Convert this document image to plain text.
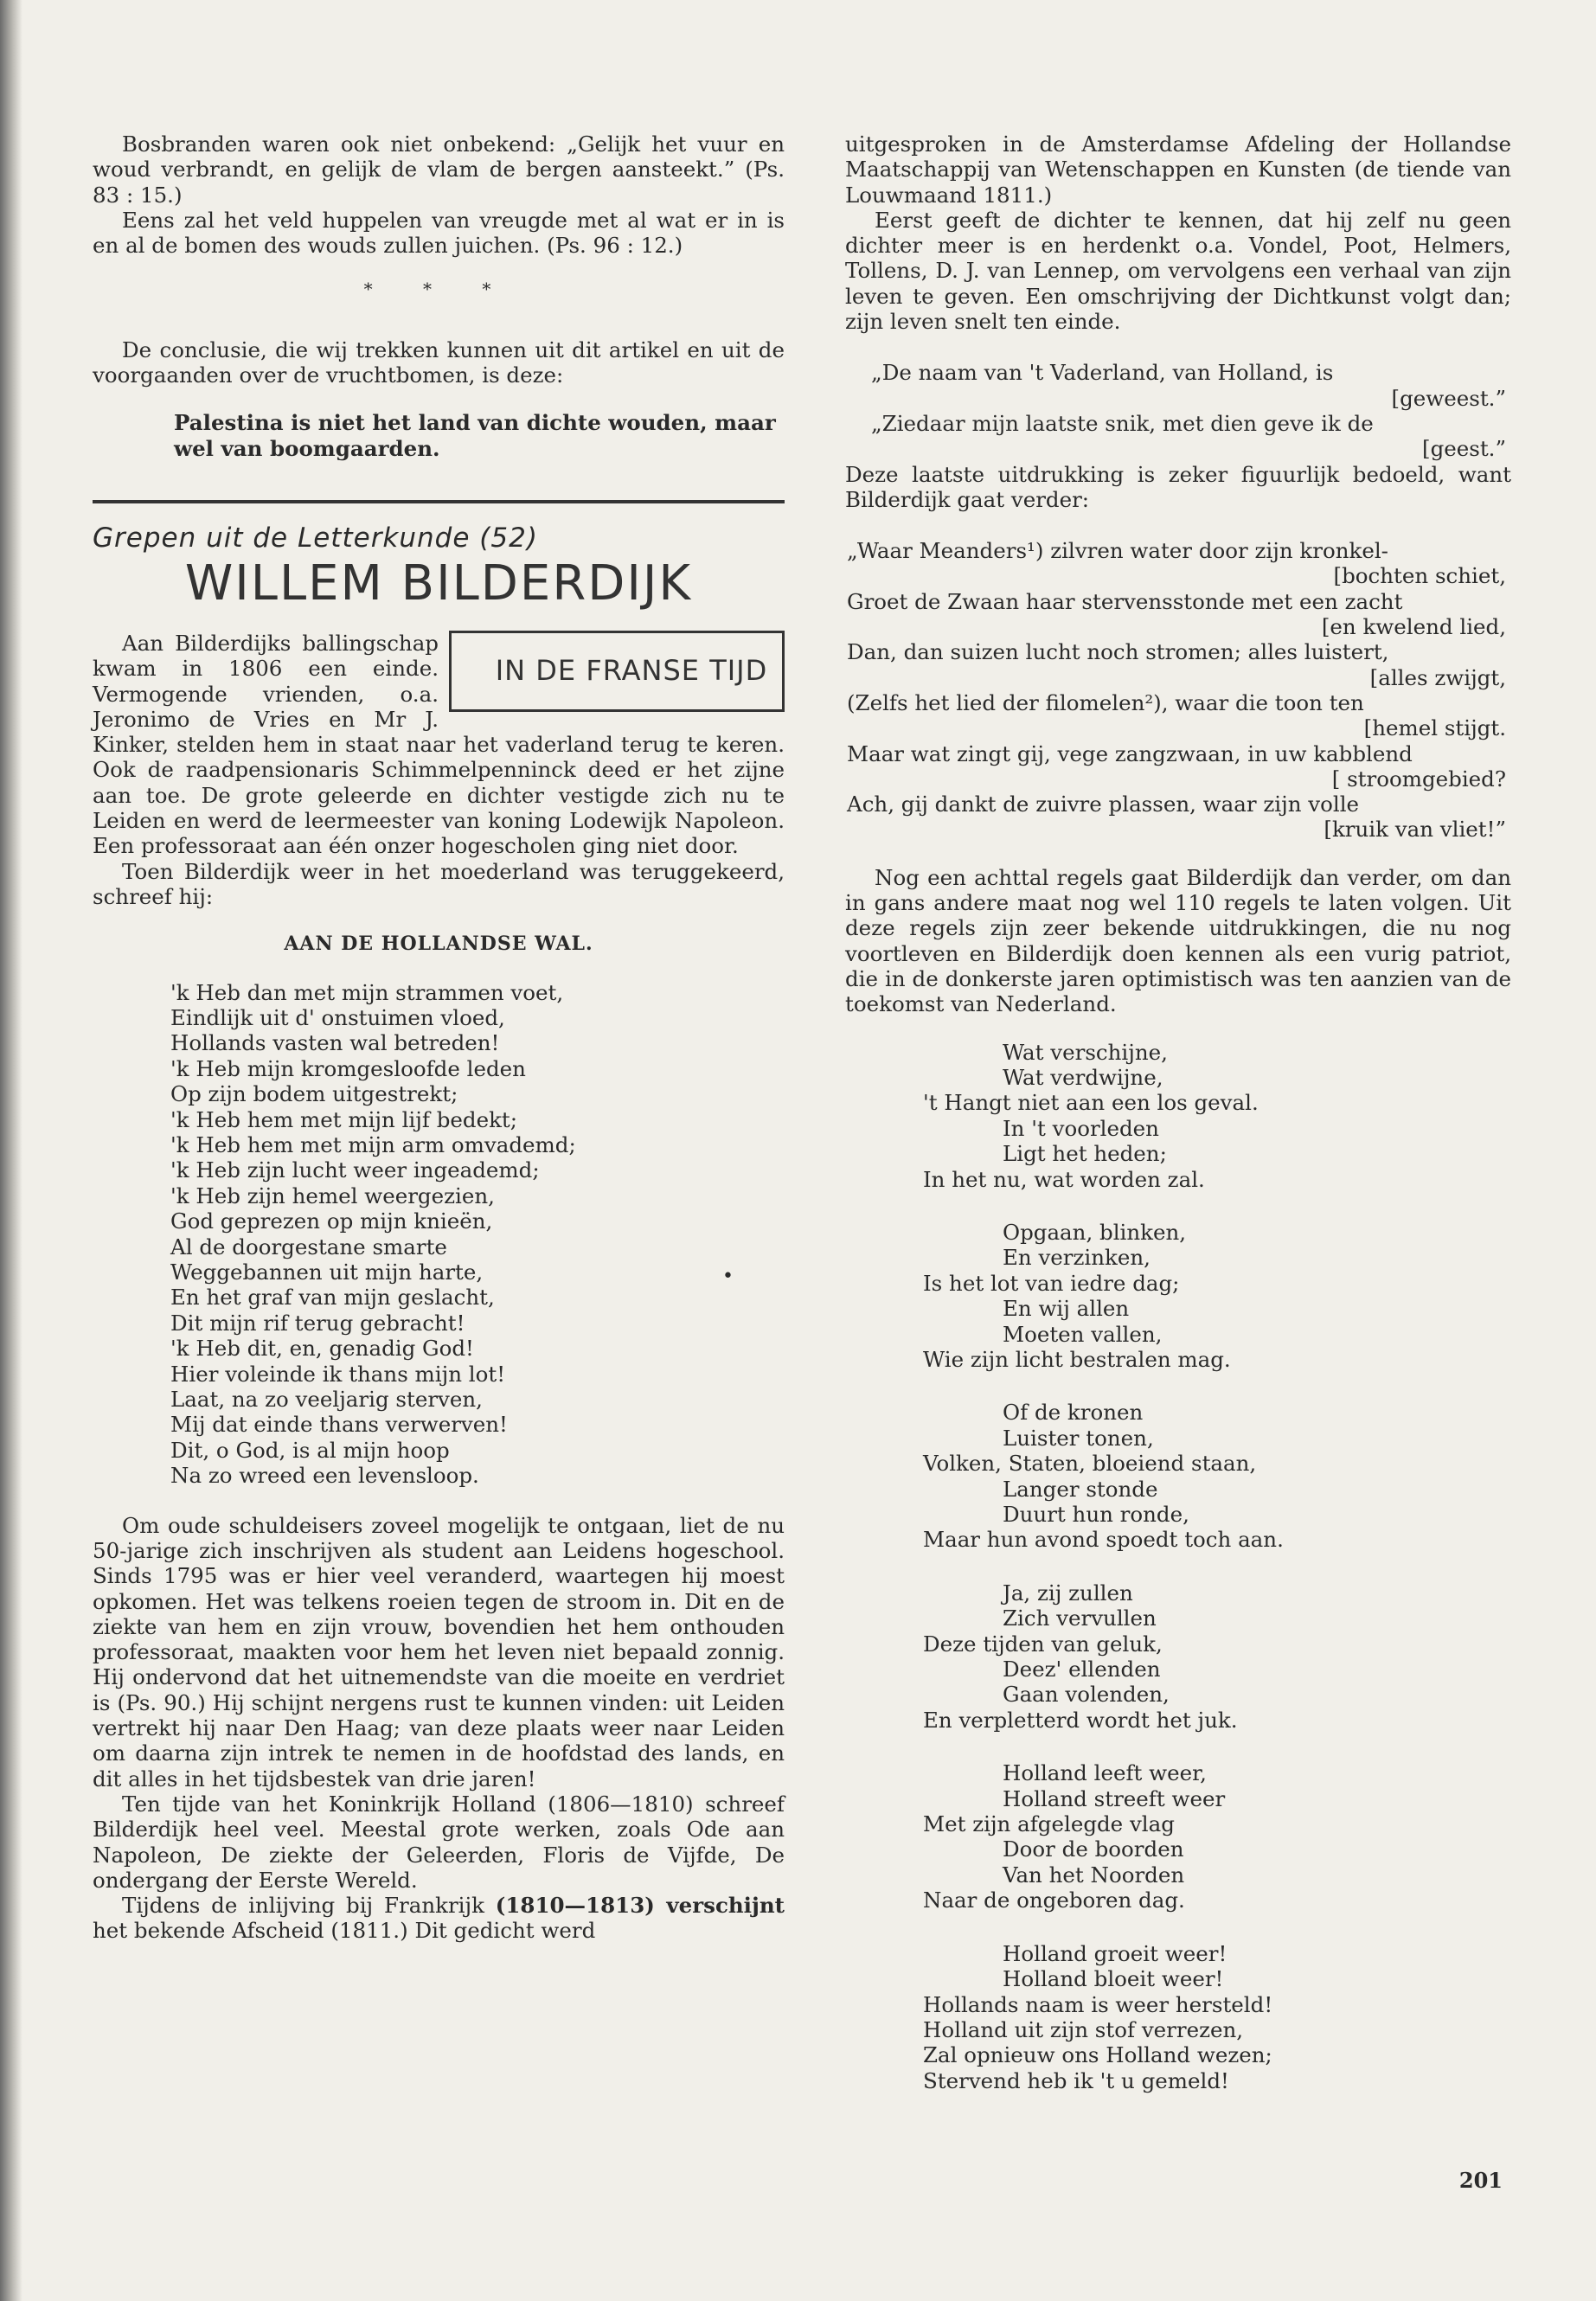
Bosbranden waren ook niet onbekend: „Gelijk het vuur en woud verbrandt, en gelijk de vlam de bergen aansteekt.” (Ps. 83 : 15.)

Eens zal het veld huppelen van vreugde met al wat er in is en al de bomen des wouds zullen juichen. (Ps. 96 : 12.)

* * *

De conclusie, die wij trekken kunnen uit dit artikel en uit de voorgaanden over de vruchtbomen, is deze:

Palestina is niet het land van dichte wouden, maar wel van boomgaarden.
Grepen uit de Letterkunde (52)
WILLEM BILDERDIJK

IN DE FRANSE TIJD
Aan Bilderdijks ballingschap kwam in 1806 een einde. Vermogende vrienden, o.a. Jeronimo de Vries en Mr J. Kinker, stelden hem in staat naar het vaderland terug te keren. Ook de raadpensionaris Schimmelpenninck deed er het zijne aan toe. De grote geleerde en dichter vestigde zich nu te Leiden en werd de leermeester van koning Lodewijk Napoleon. Een professoraat aan één onzer hogescholen ging niet door.

Toen Bilderdijk weer in het moederland was teruggekeerd, schreef hij:

AAN DE HOLLANDSE WAL.
'k Heb dan met mijn strammen voet,
Eindlijk uit d' onstuimen vloed,
Hollands vasten wal betreden!
'k Heb mijn kromgesloofde leden
Op zijn bodem uitgestrekt;
'k Heb hem met mijn lijf bedekt;
'k Heb hem met mijn arm omvademd;
'k Heb zijn lucht weer ingeademd;
'k Heb zijn hemel weergezien,
God geprezen op mijn knieën,
Al de doorgestane smarte
Weggebannen uit mijn harte,
En het graf van mijn geslacht,
Dit mijn rif terug gebracht!
'k Heb dit, en, genadig God!
Hier voleinde ik thans mijn lot!
Laat, na zo veeljarig sterven,
Mij dat einde thans verwerven!
Dit, o God, is al mijn hoop
Na zo wreed een levensloop.

Om oude schuldeisers zoveel mogelijk te ontgaan, liet de nu 50-jarige zich inschrijven als student aan Leidens hogeschool. Sinds 1795 was er hier veel veranderd, waartegen hij moest opkomen. Het was telkens roeien tegen de stroom in. Dit en de ziekte van hem en zijn vrouw, bovendien het hem onthouden professoraat, maakten voor hem het leven niet bepaald zonnig. Hij ondervond dat het uitnemendste van die moeite en verdriet is (Ps. 90.) Hij schijnt nergens rust te kunnen vinden: uit Leiden vertrekt hij naar Den Haag; van deze plaats weer naar Leiden om daarna zijn intrek te nemen in de hoofdstad des lands, en dit alles in het tijdsbestek van drie jaren!

Ten tijde van het Koninkrijk Holland (1806—1810) schreef Bilderdijk heel veel. Meestal grote werken, zoals Ode aan Napoleon, De ziekte der Geleerden, Floris de Vijfde, De ondergang der Eerste Wereld.

Tijdens de inlijving bij Frankrijk (1810—1813) verschijnt het bekende Afscheid (1811.) Dit gedicht werd

•

uitgesproken in de Amsterdamse Afdeling der Hollandse Maatschappij van Wetenschappen en Kunsten (de tiende van Louwmaand 1811.)

Eerst geeft de dichter te kennen, dat hij zelf nu geen dichter meer is en herdenkt o.a. Vondel, Poot, Helmers, Tollens, D. J. van Lennep, om vervolgens een verhaal van zijn leven te geven. Een omschrijving der Dichtkunst volgt dan; zijn leven snelt ten einde.

„De naam van 't Vaderland, van Holland, is
[geweest.”
„Ziedaar mijn laatste snik, met dien geve ik de
[geest.”

Deze laatste uitdrukking is zeker figuurlijk bedoeld, want Bilderdijk gaat verder:

„Waar Meanders¹) zilvren water door zijn kronkel-
[bochten schiet,
Groet de Zwaan haar stervensstonde met een zacht
[en kwelend lied,
Dan, dan suizen lucht noch stromen; alles luistert,
[alles zwijgt,
(Zelfs het lied der filomelen²), waar die toon ten
[hemel stijgt.
Maar wat zingt gij, vege zangzwaan, in uw kabblend
[ stroomgebied?
Ach, gij dankt de zuivre plassen, waar zijn volle
[kruik van vliet!”

Nog een achttal regels gaat Bilderdijk dan verder, om dan in gans andere maat nog wel 110 regels te laten volgen. Uit deze regels zijn zeer bekende uitdrukkingen, die nu nog voortleven en Bilderdijk doen kennen als een vurig patriot, die in de donkerste jaren optimistisch was ten aanzien van de toekomst van Nederland.

Wat verschijne,
Wat verdwijne,
't Hangt niet aan een los geval.
In 't voorleden
Ligt het heden;
In het nu, wat worden zal.
Opgaan, blinken,
En verzinken,
Is het lot van iedre dag;
En wij allen
Moeten vallen,
Wie zijn licht bestralen mag.
Of de kronen
Luister tonen,
Volken, Staten, bloeiend staan,
Langer stonde
Duurt hun ronde,
Maar hun avond spoedt toch aan.
Ja, zij zullen
Zich vervullen
Deze tijden van geluk,
Deez' ellenden
Gaan volenden,
En verpletterd wordt het juk.
Holland leeft weer,
Holland streeft weer
Met zijn afgelegde vlag
Door de boorden
Van het Noorden
Naar de ongeboren dag.
Holland groeit weer!
Holland bloeit weer!
Hollands naam is weer hersteld!
Holland uit zijn stof verrezen,
Zal opnieuw ons Holland wezen;
Stervend heb ik 't u gemeld!
201
